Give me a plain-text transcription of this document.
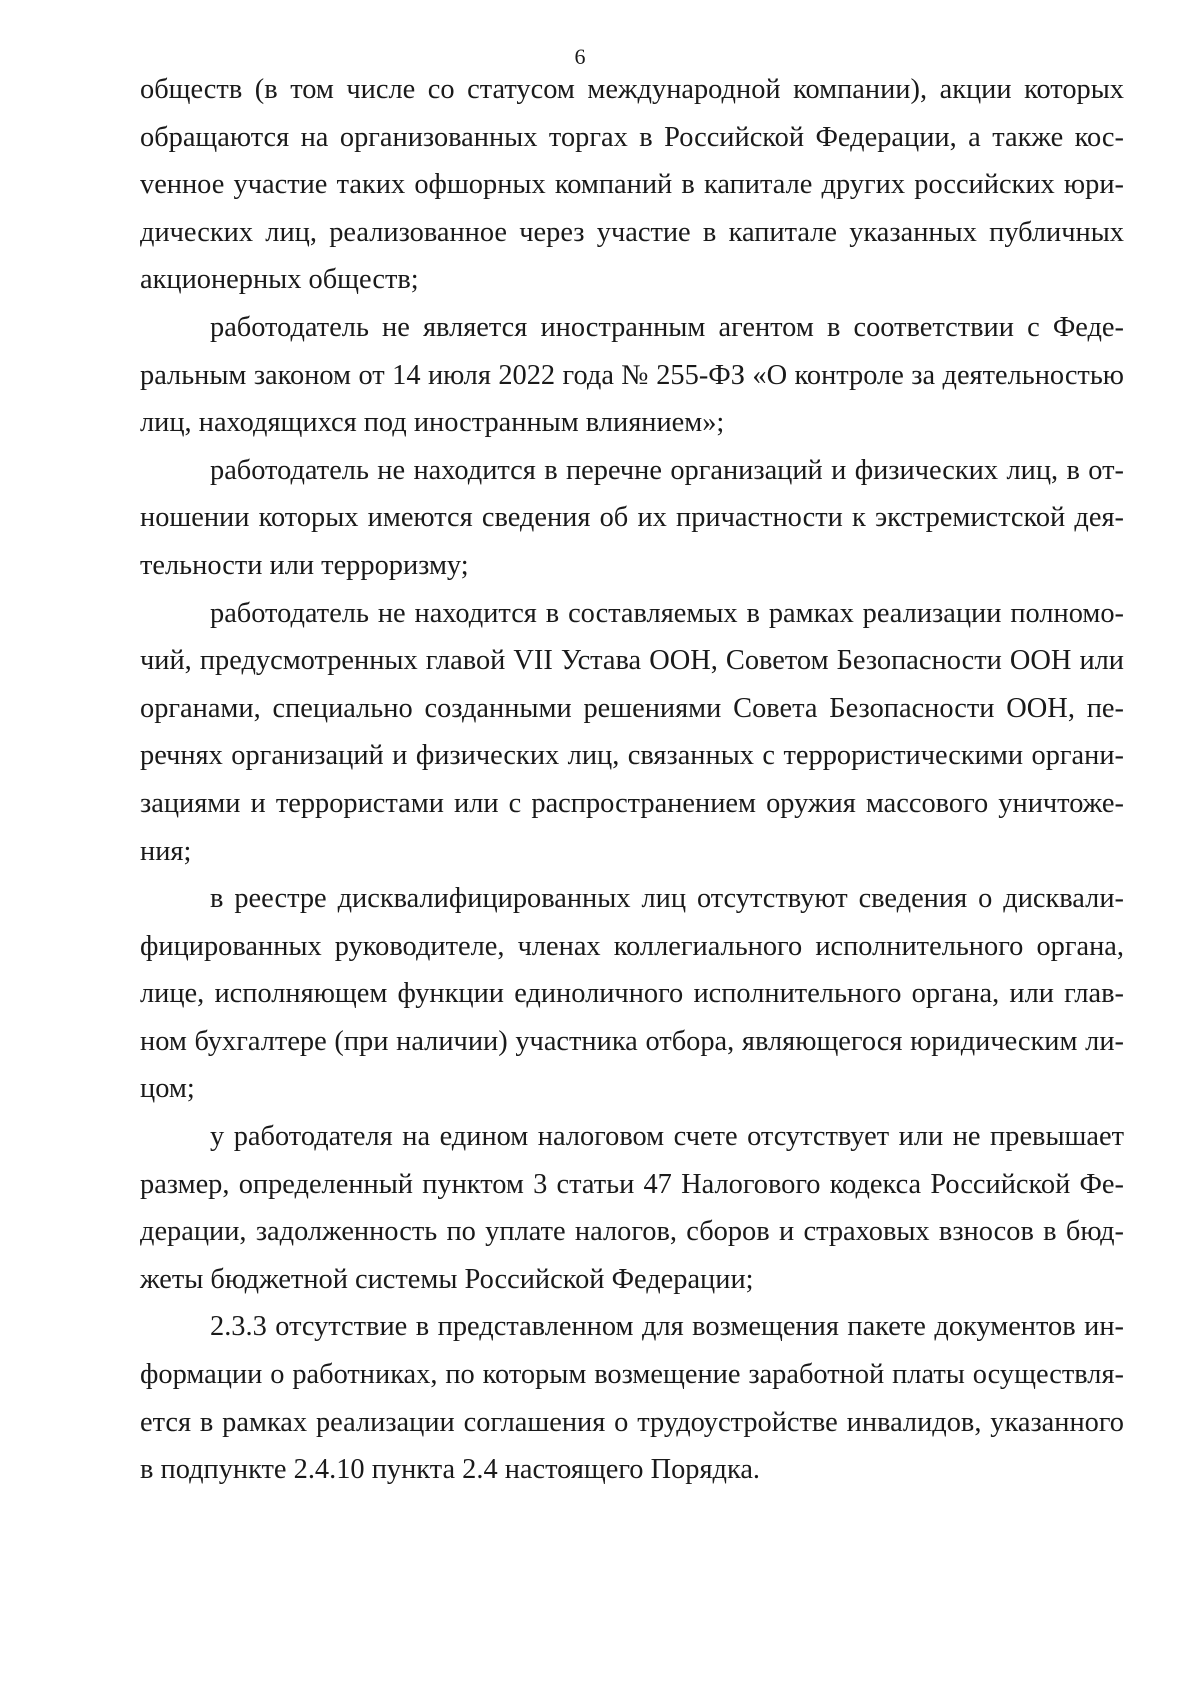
6

обществ (в том числе со статусом международной компании), акции которых обращаются на организованных торгах в Российской Федерации, а также косvенное участие таких офшорных компаний в капитале других российских юридических лиц, реализованное через участие в капитале указанных публичных акционерных обществ;

работодатель не является иностранным агентом в соответствии с Федеральным законом от 14 июля 2022 года № 255-ФЗ «О контроле за деятельностью лиц, находящихся под иностранным влиянием»;

работодатель не находится в перечне организаций и физических лиц, в отношении которых имеются сведения об их причастности к экстремистской деятельности или терроризму;

работодатель не находится в составляемых в рамках реализации полномочий, предусмотренных главой VII Устава ООН, Советом Безопасности ООН или органами, специально созданными решениями Совета Безопасности ООН, перечнях организаций и физических лиц, связанных с террористическими организациями и террористами или с распространением оружия массового уничтожения;

в реестре дисквалифицированных лиц отсутствуют сведения о дисквалифицированных руководителе, членах коллегиального исполнительного органа, лице, исполняющем функции единоличного исполнительного органа, или главном бухгалтере (при наличии) участника отбора, являющегося юридическим лицом;

у работодателя на едином налоговом счете отсутствует или не превышает размер, определенный пунктом 3 статьи 47 Налогового кодекса Российской Федерации, задолженность по уплате налогов, сборов и страховых взносов в бюджеты бюджетной системы Российской Федерации;

2.3.3 отсутствие в представленном для возмещения пакете документов информации о работниках, по которым возмещение заработной платы осуществляется в рамках реализации соглашения о трудоустройстве инвалидов, указанного в подпункте 2.4.10 пункта 2.4 настоящего Порядка.
